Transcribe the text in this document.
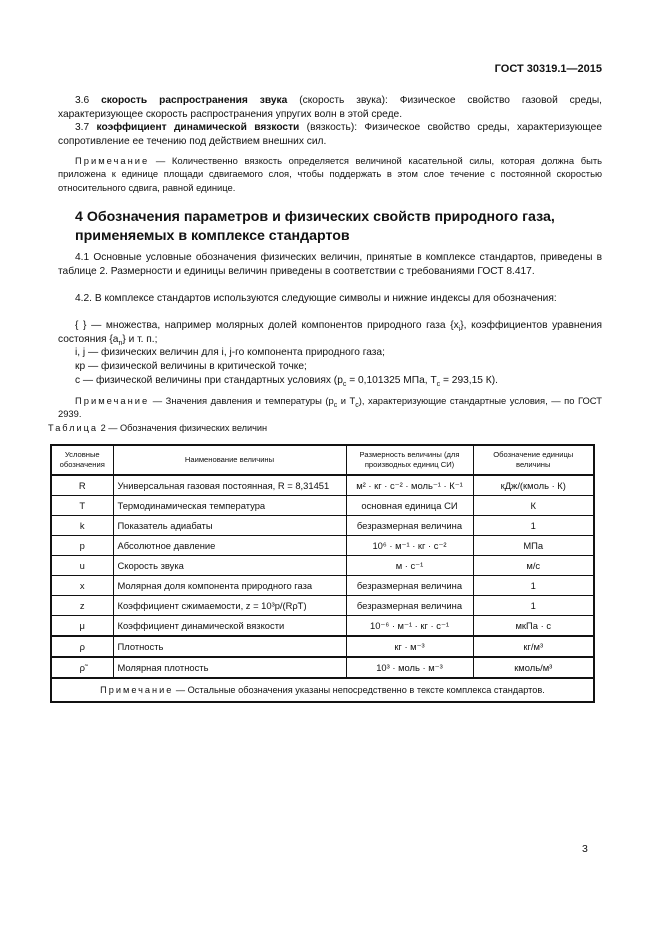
ГОСТ 30319.1—2015
3.6 скорость распространения звука (скорость звука): Физическое свойство газовой среды, характеризующее скорость распространения упругих волн в этой среде.
3.7 коэффициент динамической вязкости (вязкость): Физическое свойство среды, характеризующее сопротивление ее течению под действием внешних сил.
Примечание — Количественно вязкость определяется величиной касательной силы, которая должна быть приложена к единице площади сдвигаемого слоя, чтобы поддержать в этом слое течение с постоянной скоростью относительного сдвига, равной единице.
4 Обозначения параметров и физических свойств природного газа, применяемых в комплексе стандартов
4.1 Основные условные обозначения физических величин, принятые в комплексе стандартов, приведены в таблице 2. Размерности и единицы величин приведены в соответствии с требованиями ГОСТ 8.417.
4.2. В комплексе стандартов используются следующие символы и нижние индексы для обозначения:
{ } — множества, например молярных долей компонентов природного газа $\{x_i\}$, коэффициентов уравнения состояния $\{a_n\}$ и т. п.;
i, j — физических величин для i, j-го компонента природного газа;
кр — физической величины в критической точке;
с — физической величины при стандартных условиях ($p_c = 0,101325$ МПа, $T_c = 293,15$ К).
Примечание — Значения давления и температуры ($p_c$ и $T_c$), характеризующие стандартные условия, — по ГОСТ 2939.
Таблица 2 — Обозначения физических величин
Условные обозначения	Наименование величины	Размерность величины (для производных единиц СИ)	Обозначение единицы величины
R	Универсальная газовая постоянная, R = 8,31451	м² · кг · с⁻² · моль⁻¹ · К⁻¹	кДж/(кмоль · К)
T	Термодинамическая температура	основная единица СИ	К
k	Показатель адиабаты	безразмерная величина	1
p	Абсолютное давление	10⁶ · м⁻¹ · кг · с⁻²	МПа
u	Скорость звука	м · с⁻¹	м/с
x	Молярная доля компонента природного газа	безразмерная величина	1
z	Коэффициент сжимаемости, z = 10³p/(Rρ̃T)	безразмерная величина	1
μ	Коэффициент динамической вязкости	10⁻⁶ · м⁻¹ · кг · с⁻¹	мкПа · с
ρ	Плотность	кг · м⁻³	кг/м³
ρ̃	Молярная плотность	10³ · моль · м⁻³	кмоль/м³
Примечание — Остальные обозначения указаны непосредственно в тексте комплекса стандартов.			
3
